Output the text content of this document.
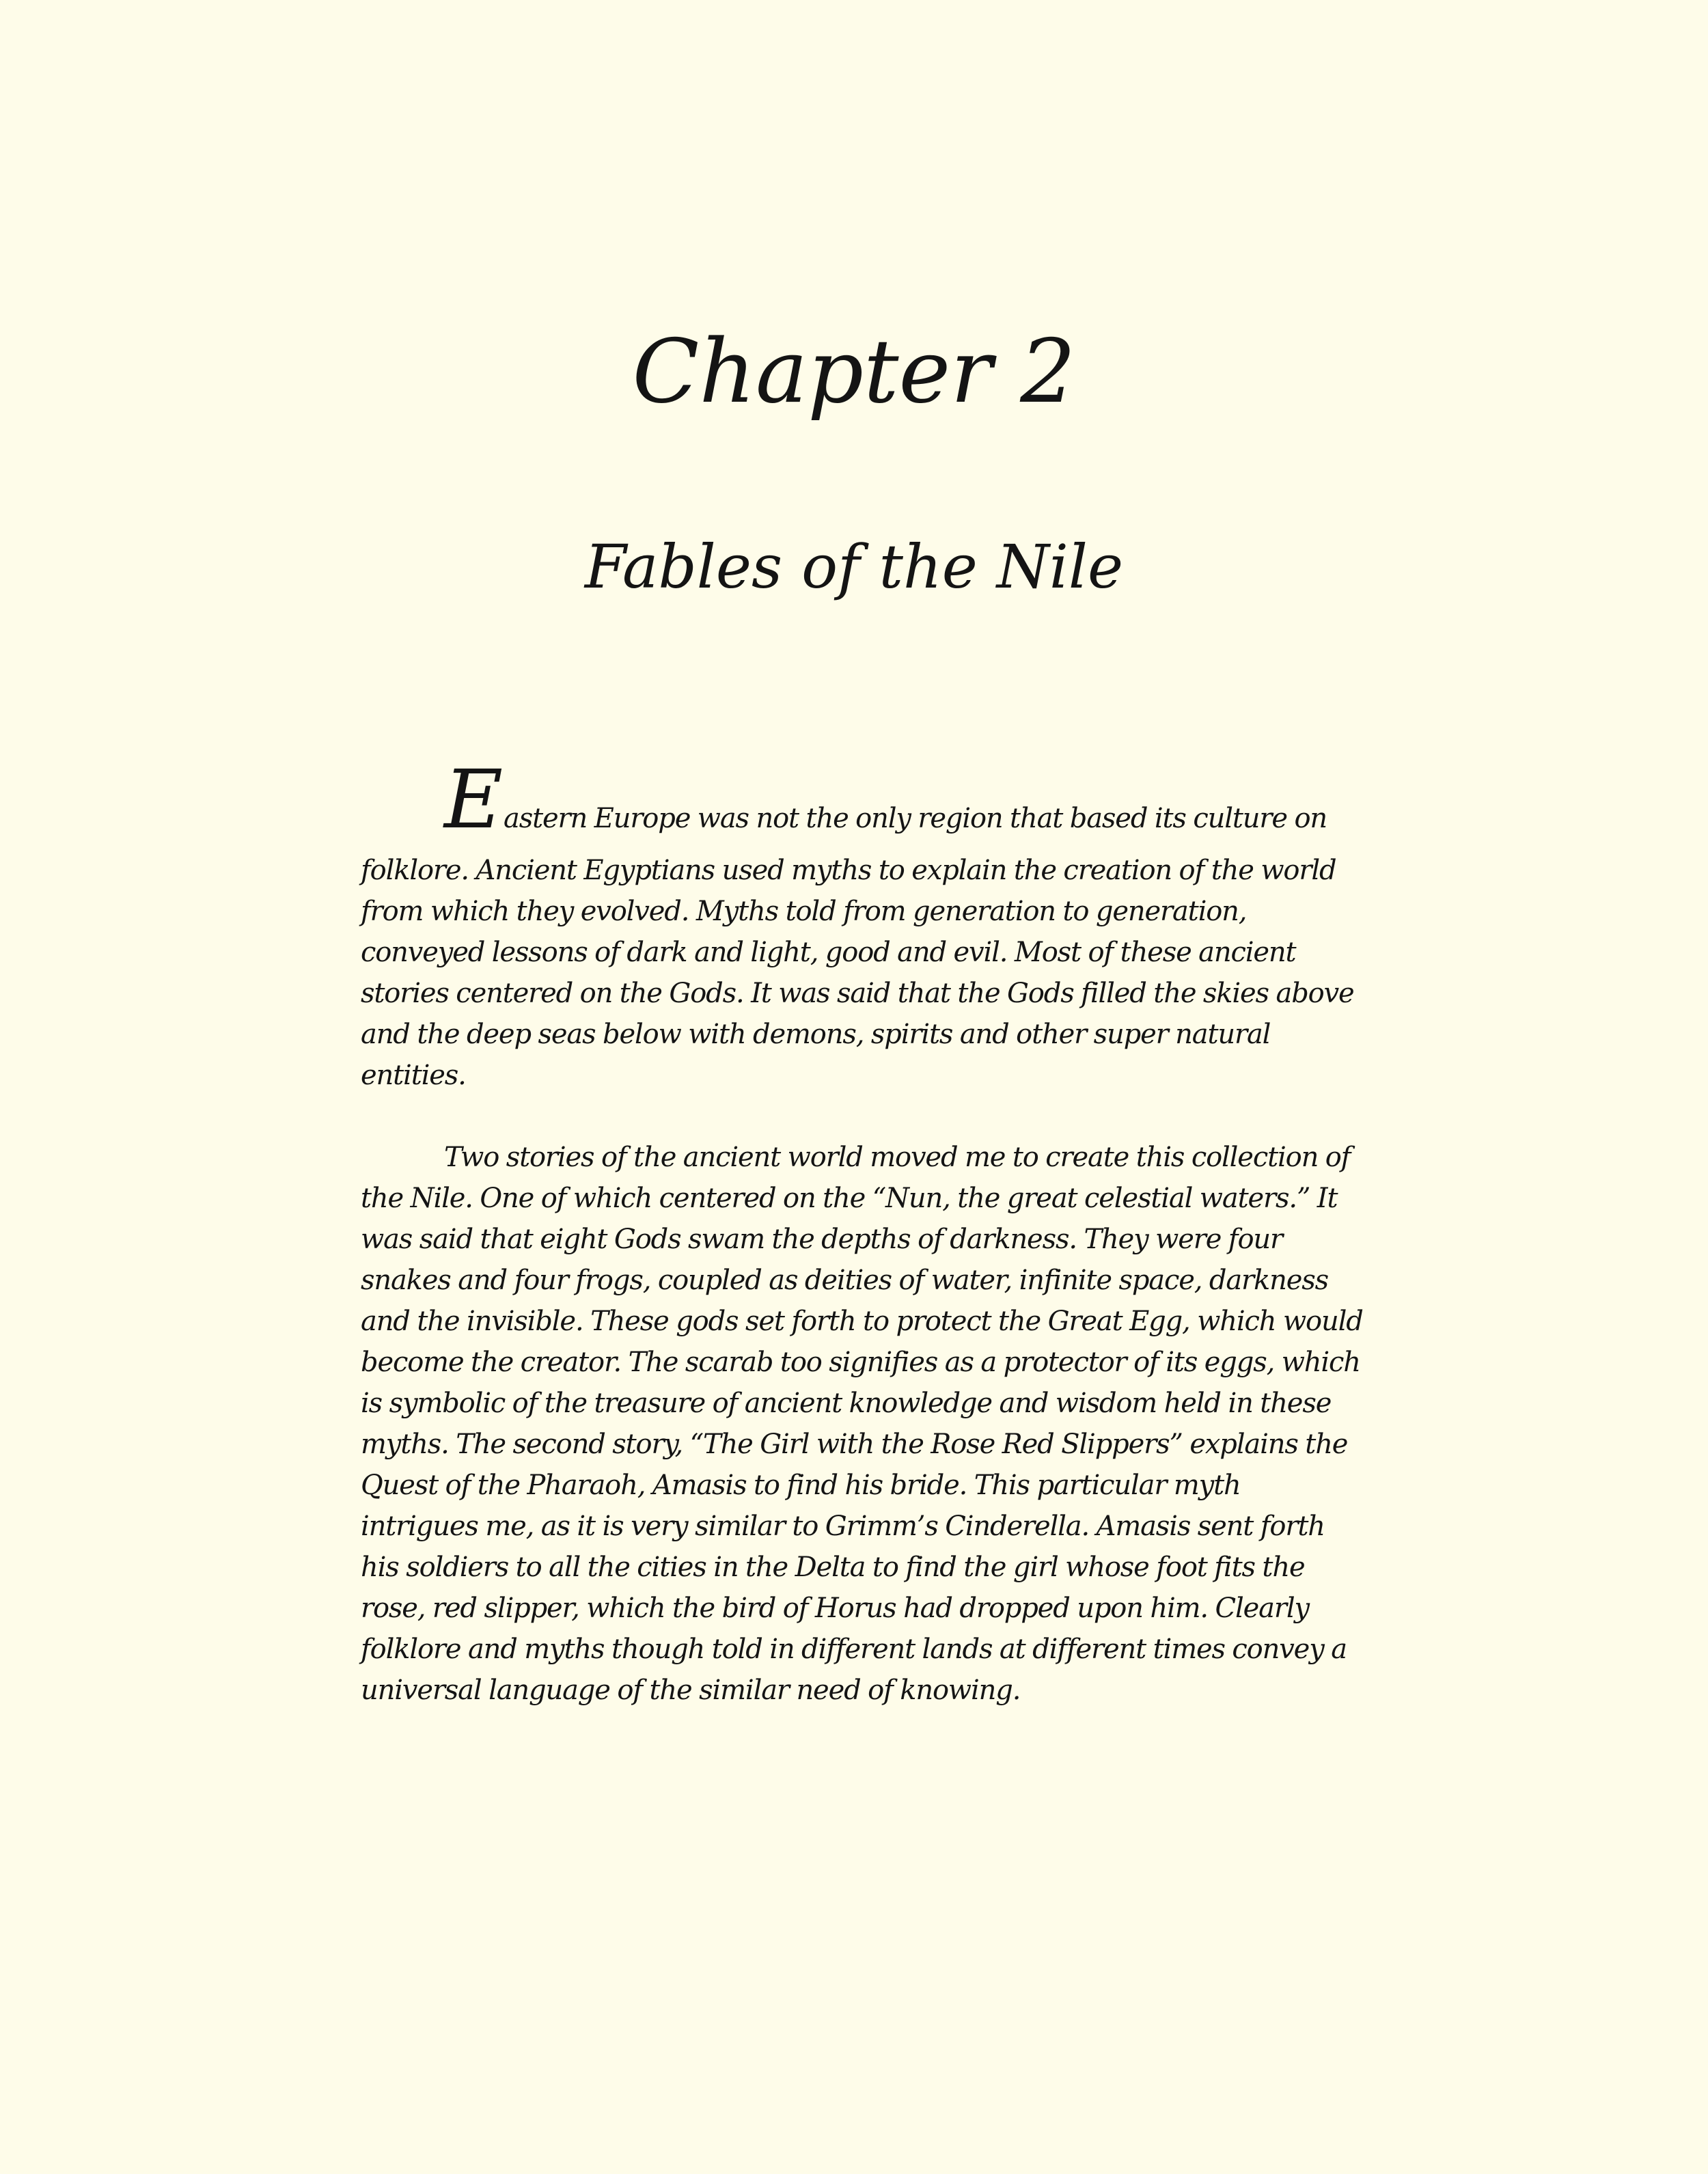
Chapter 2
Fables of the Nile
Eastern Europe was not the only region that based its culture on
folklore. Ancient Egyptians used myths to explain the creation of the world
from which they evolved. Myths told from generation to generation,
conveyed lessons of dark and light, good and evil. Most of these ancient
stories centered on the Gods. It was said that the Gods filled the skies above
and the deep seas below with demons, spirits and other super natural
entities.
Two stories of the ancient world moved me to create this collection of
the Nile. One of which centered on the “Nun, the great celestial waters.” It
was said that eight Gods swam the depths of darkness. They were four
snakes and four frogs, coupled as deities of water, infinite space, darkness
and the invisible. These gods set forth to protect the Great Egg, which would
become the creator. The scarab too signifies as a protector of its eggs, which
is symbolic of the treasure of ancient knowledge and wisdom held in these
myths. The second story, “The Girl with the Rose Red Slippers” explains the
Quest of the Pharaoh, Amasis to find his bride. This particular myth
intrigues me, as it is very similar to Grimm’s Cinderella. Amasis sent forth
his soldiers to all the cities in the Delta to find the girl whose foot fits the
rose, red slipper, which the bird of Horus had dropped upon him. Clearly
folklore and myths though told in different lands at different times convey a
universal language of the similar need of knowing.
